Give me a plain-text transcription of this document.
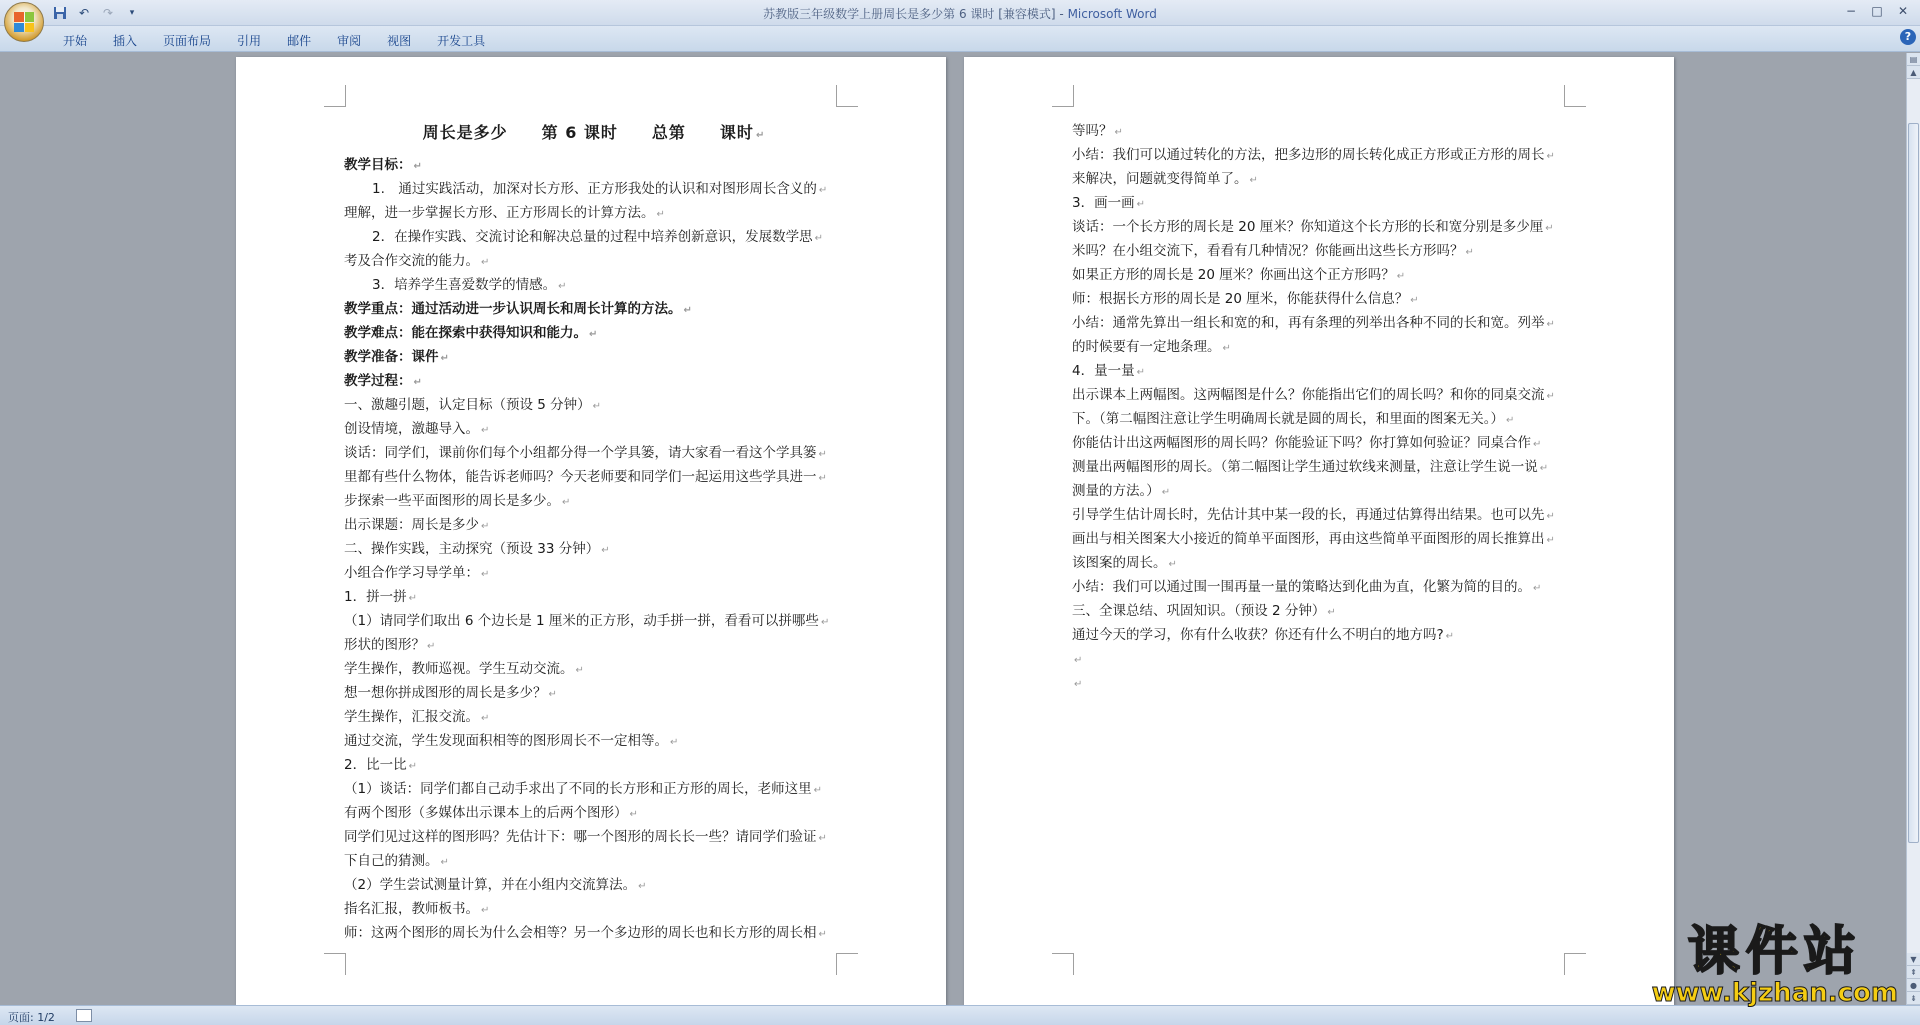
↶	↷	▾	苏教版三年级数学上册周长是多少第 6 课时 [兼容模式] - Microsoft Word	−	□	✕
开始	插入	页面布局	引用	邮件	审阅	视图	开发工具	?
周长是多少　　第 6 课时　　总第　　课时 ↵
教学目标： ↵
1.　通过实践活动，加深对长方形、正方形我处的认识和对图形周长含义的 ↵
理解，进一步掌握长方形、正方形周长的计算方法。 ↵
2．在操作实践、交流讨论和解决总量的过程中培养创新意识，发展数学思 ↵
考及合作交流的能力。 ↵
3．培养学生喜爱数学的情感。 ↵
教学重点：通过活动进一步认识周长和周长计算的方法。 ↵
教学难点：能在探索中获得知识和能力。 ↵
教学准备：课件 ↵
教学过程： ↵
一、激趣引题，认定目标（预设 5 分钟） ↵
创设情境，激趣导入。 ↵
谈话：同学们，课前你们每个小组都分得一个学具篓，请大家看一看这个学具篓 ↵
里都有些什么物体，能告诉老师吗？今天老师要和同学们一起运用这些学具进一 ↵
步探索一些平面图形的周长是多少。 ↵
出示课题：周长是多少 ↵
二、操作实践，主动探究（预设 33 分钟） ↵
小组合作学习导学单： ↵
1．拼一拼 ↵
（1）请同学们取出 6 个边长是 1 厘米的正方形，动手拼一拼，看看可以拼哪些 ↵
形状的图形？ ↵
学生操作，教师巡视。学生互动交流。 ↵
想一想你拼成图形的周长是多少？ ↵
学生操作，汇报交流。 ↵
通过交流，学生发现面积相等的图形周长不一定相等。 ↵
2．比一比 ↵
（1）谈话：同学们都自己动手求出了不同的长方形和正方形的周长，老师这里 ↵
有两个图形（多媒体出示课本上的后两个图形） ↵
同学们见过这样的图形吗？先估计下：哪一个图形的周长长一些？请同学们验证 ↵
下自己的猜测。 ↵
（2）学生尝试测量计算，并在小组内交流算法。 ↵
指名汇报，教师板书。 ↵
师：这两个图形的周长为什么会相等？另一个多边形的周长也和长方形的周长相 ↵
等吗？ ↵
小结：我们可以通过转化的方法，把多边形的周长转化成正方形或正方形的周长 ↵
来解决，问题就变得简单了。 ↵
3．画一画 ↵
谈话：一个长方形的周长是 20 厘米？你知道这个长方形的长和宽分别是多少厘 ↵
米吗？在小组交流下，看看有几种情况？你能画出这些长方形吗？ ↵
如果正方形的周长是 20 厘米？你画出这个正方形吗？ ↵
师：根据长方形的周长是 20 厘米，你能获得什么信息？ ↵
小结：通常先算出一组长和宽的和，再有条理的列举出各种不同的长和宽。列举 ↵
的时候要有一定地条理。 ↵
4．量一量 ↵
出示课本上两幅图。这两幅图是什么？你能指出它们的周长吗？和你的同桌交流 ↵
下。（第二幅图注意让学生明确周长就是圆的周长，和里面的图案无关。） ↵
你能估计出这两幅图形的周长吗？你能验证下吗？你打算如何验证？同桌合作 ↵
测量出两幅图形的周长。（第二幅图让学生通过软线来测量，注意让学生说一说 ↵
测量的方法。） ↵
引导学生估计周长时，先估计其中某一段的长，再通过估算得出结果。也可以先 ↵
画出与相关图案大小接近的简单平面图形，再由这些简单平面图形的周长推算出 ↵
该图案的周长。 ↵
小结：我们可以通过围一围再量一量的策略达到化曲为直，化繁为简的目的。 ↵
三、全课总结、巩固知识。（预设 2 分钟） ↵
通过今天的学习，你有什么收获？你还有什么不明白的地方吗? ↵
↵
↵
▤
▲
▼
⇞
●
⇟
页面: 1/2
课件站
www.kjzhan.com
